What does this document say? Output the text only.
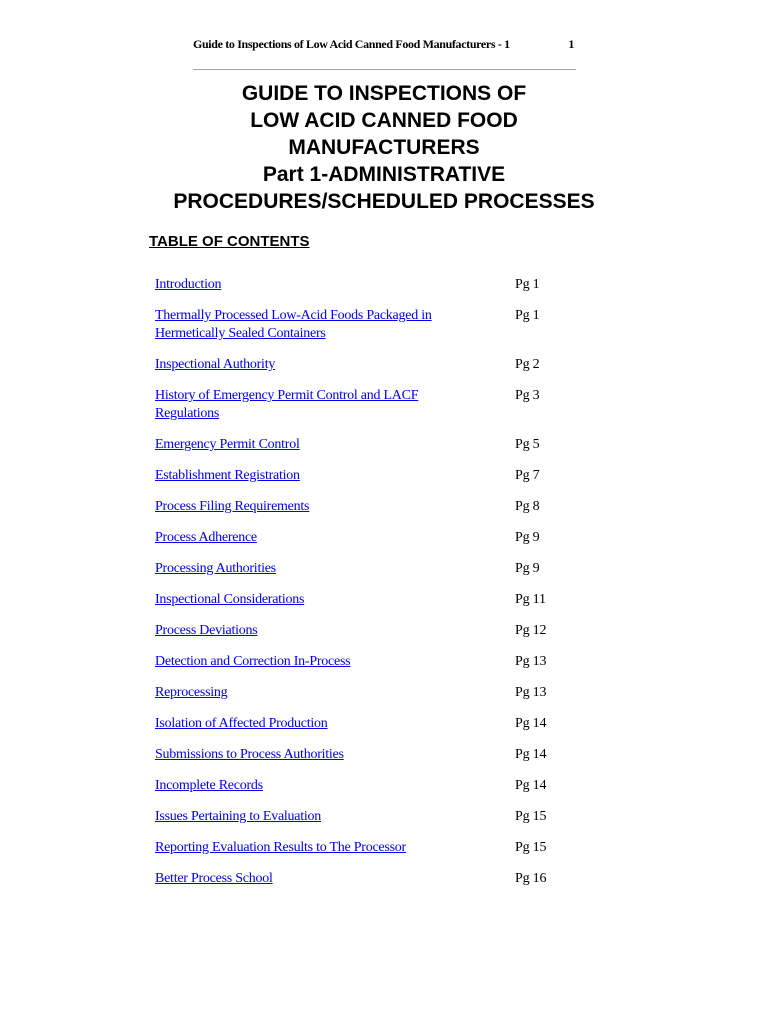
Guide to Inspections of Low Acid Canned Food Manufacturers - 1	1
GUIDE TO INSPECTIONS OF
LOW ACID CANNED FOOD
MANUFACTURERS
Part 1-ADMINISTRATIVE
PROCEDURES/SCHEDULED PROCESSES
TABLE OF CONTENTS
Introduction	Pg 1
Thermally Processed Low-Acid Foods Packaged in Hermetically Sealed Containers
Pg 1
Inspectional Authority	Pg 2
History of Emergency Permit Control and LACF Regulations
Pg 3
Emergency Permit Control	Pg 5
Establishment Registration	Pg 7
Process Filing Requirements	Pg 8
Process Adherence	Pg 9
Processing Authorities	Pg 9
Inspectional Considerations	Pg 11
Process Deviations	Pg 12
Detection and Correction In-Process	Pg 13
Reprocessing	Pg 13
Isolation of Affected Production	Pg 14
Submissions to Process Authorities	Pg 14
Incomplete Records	Pg 14
Issues Pertaining to Evaluation	Pg 15
Reporting Evaluation Results to The Processor	Pg 15
Better Process School	Pg 16
